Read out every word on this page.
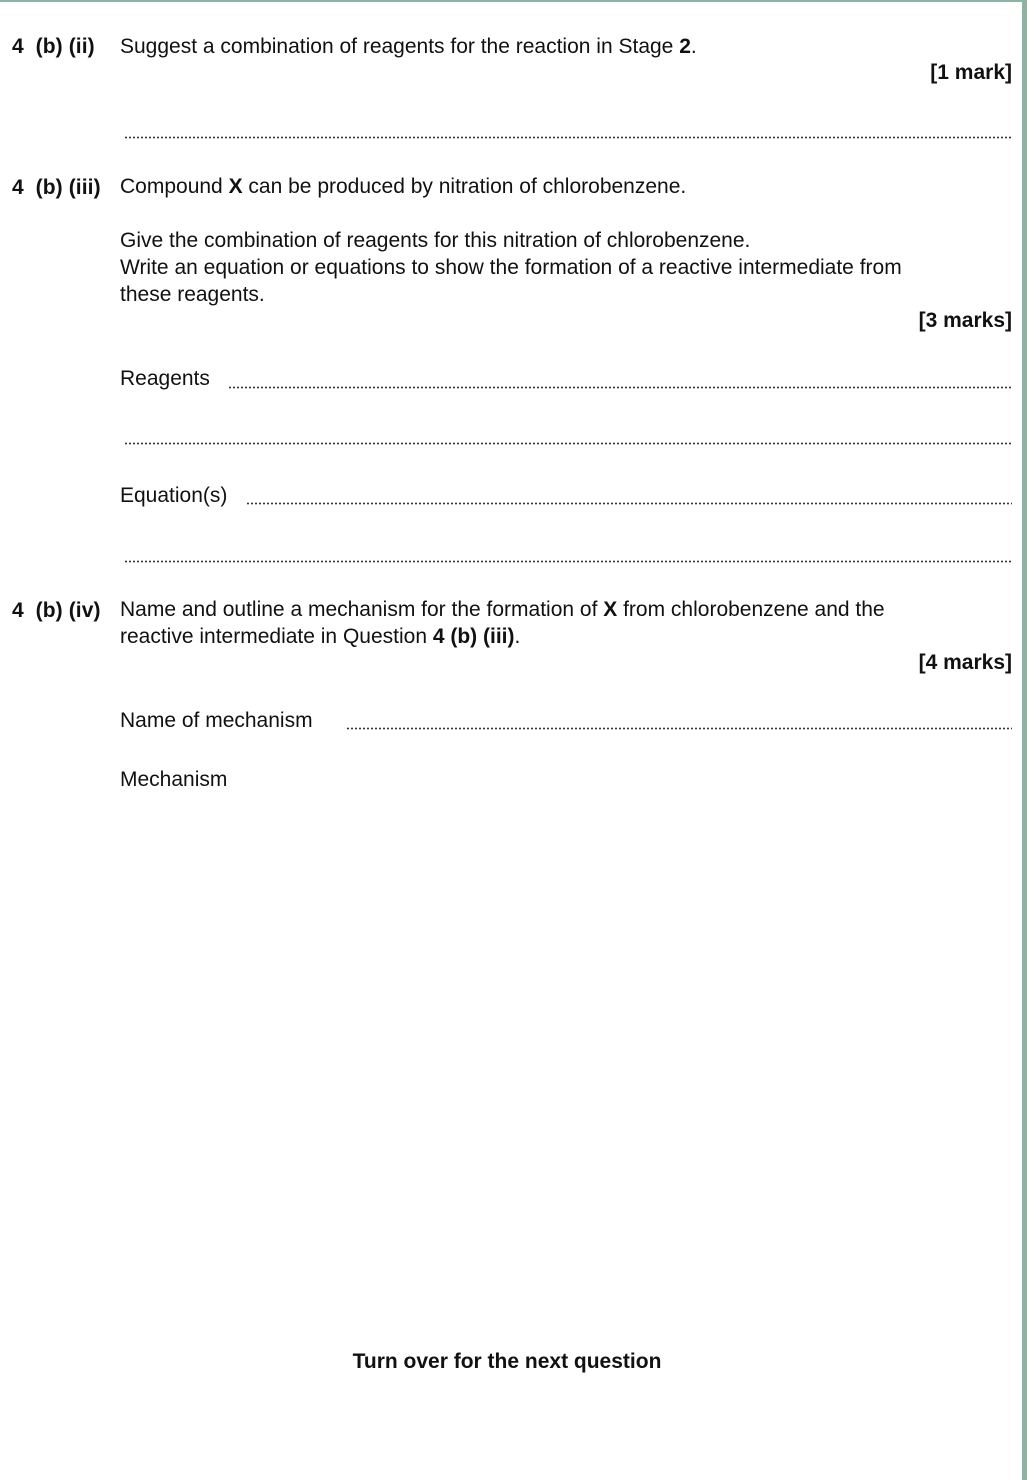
4  (b) (ii) Suggest a combination of reagents for the reaction in Stage 2.
[1 mark]
4  (b) (iii) Compound X can be produced by nitration of chlorobenzene.
Give the combination of reagents for this nitration of chlorobenzene.
Write an equation or equations to show the formation of a reactive intermediate from
these reagents.
[3 marks]
Reagents
Equation(s)
4  (b) (iv) Name and outline a mechanism for the formation of X from chlorobenzene and the
reactive intermediate in Question 4 (b) (iii).
[4 marks]
Name of mechanism
Mechanism
Turn over for the next question
